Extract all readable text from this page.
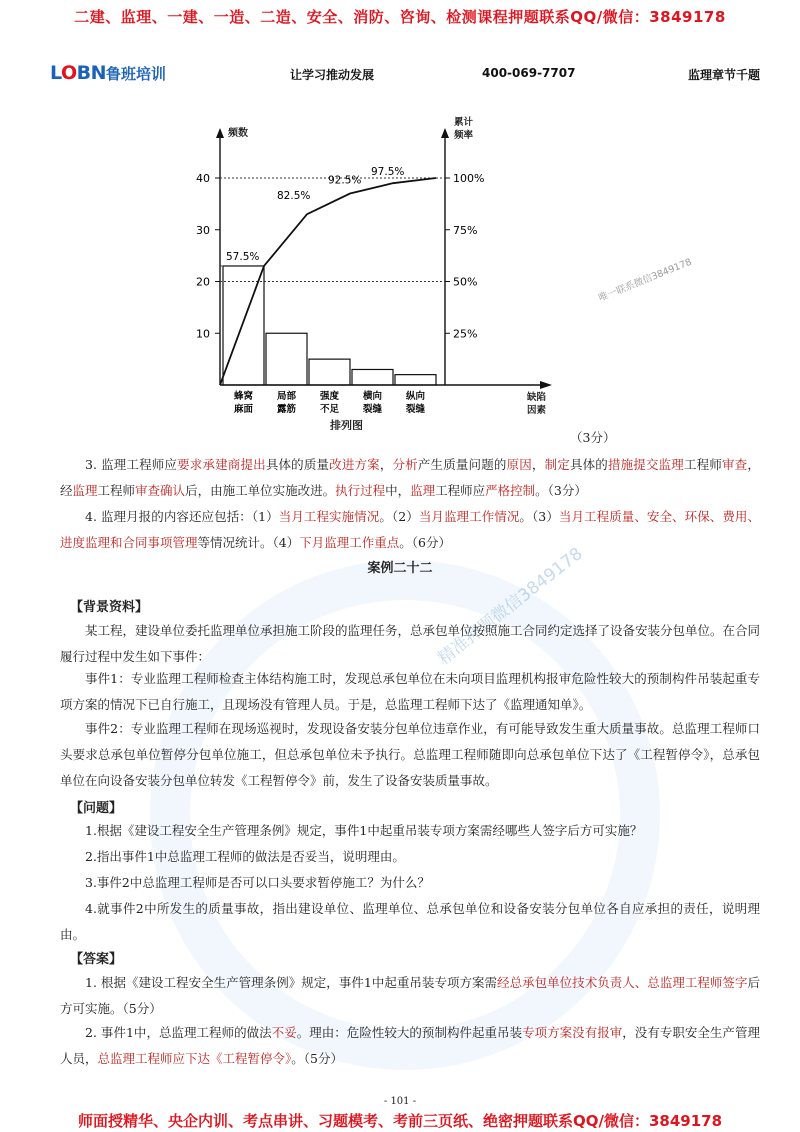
二建、监理、一建、一造、二造、安全、消防、咨询、检测课程押题联系QQ/微信：3849178
LOBN鲁班培训	让学习推动发展	400-069-7707	监理章节千题
频数
累计
频率
缺陷
因素
排列图
10
20
30
40
25%
50%
75%
100%
蜂窝
麻面
局部
露筋
强度
不足
横向
裂缝
纵向
裂缝
57.5%
82.5%
92.5%
97.5%
唯一联系微信3849178
（3分）
3. 监理工程师应要求承建商提出具体的质量改进方案，分析产生质量问题的原因，制定具体的措施提交监理工程师审查，经监理工程师审查确认后，由施工单位实施改进。执行过程中，监理工程师应严格控制。（3分）
4. 监理月报的内容还应包括：（1）当月工程实施情况。（2）当月监理工作情况。（3）当月工程质量、安全、环保、费用、进度监理和合同事项管理等情况统计。（4）下月监理工作重点。（6分）
案例二十二 精准押题微信3849178
【背景资料】
某工程，建设单位委托监理单位承担施工阶段的监理任务，总承包单位按照施工合同约定选择了设备安装分包单位。在合同履行过程中发生如下事件：
事件1：专业监理工程师检查主体结构施工时，发现总承包单位在未向项目监理机构报审危险性较大的预制构件吊装起重专项方案的情况下已自行施工，且现场没有管理人员。于是，总监理工程师下达了《监理通知单》。
事件2：专业监理工程师在现场巡视时，发现设备安装分包单位违章作业，有可能导致发生重大质量事故。总监理工程师口头要求总承包单位暂停分包单位施工，但总承包单位未予执行。总监理工程师随即向总承包单位下达了《工程暂停令》，总承包单位在向设备安装分包单位转发《工程暂停令》前，发生了设备安装质量事故。
【问题】
1.根据《建设工程安全生产管理条例》规定，事件1中起重吊装专项方案需经哪些人签字后方可实施？
2.指出事件1中总监理工程师的做法是否妥当，说明理由。
3.事件2中总监理工程师是否可以口头要求暂停施工？为什么？
4.就事件2中所发生的质量事故，指出建设单位、监理单位、总承包单位和设备安装分包单位各自应承担的责任，说明理由。
【答案】
1. 根据《建设工程安全生产管理条例》规定，事件1中起重吊装专项方案需经总承包单位技术负责人、总监理工程师签字后方可实施。（5分）
2. 事件1中，总监理工程师的做法不妥。理由：危险性较大的预制构件起重吊装专项方案没有报审，没有专职安全生产管理人员，总监理工程师应下达《工程暂停令》。（5分）
- 101 -
师面授精华、央企内训、考点串讲、习题模考、考前三页纸、绝密押题联系QQ/微信：3849178
